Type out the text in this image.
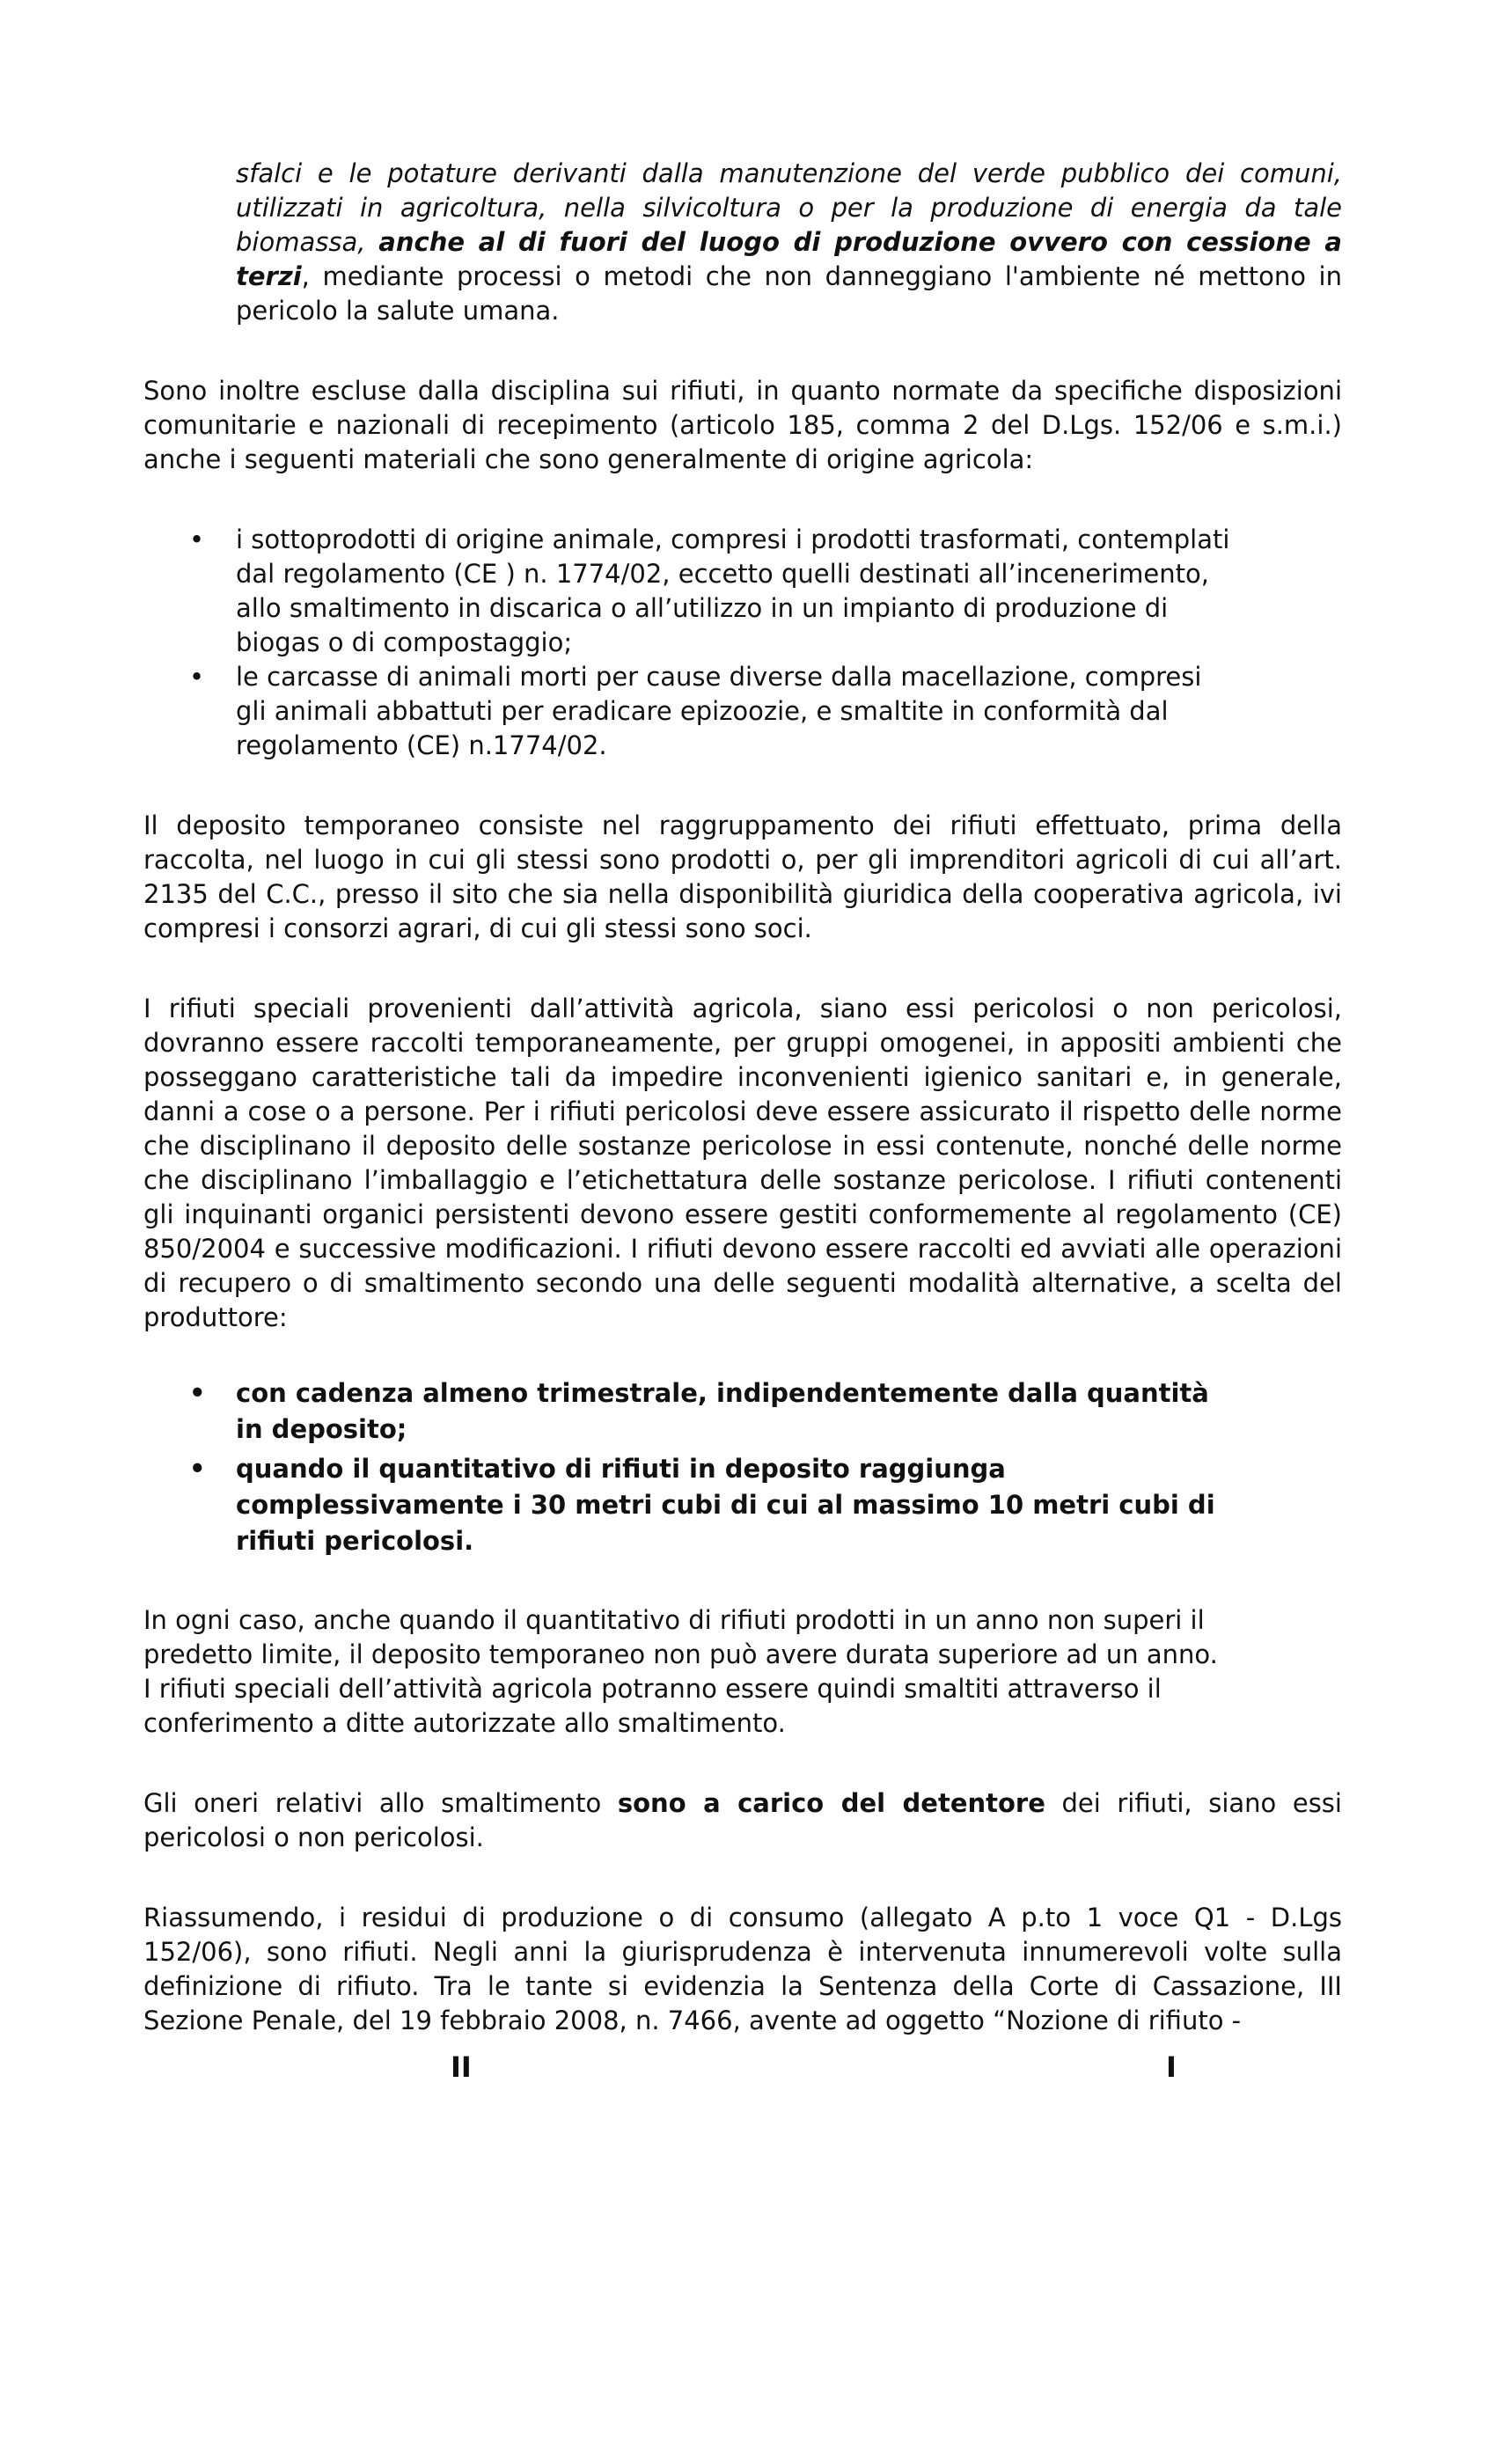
sfalci e le potature derivanti dalla manutenzione del verde pubblico dei comuni, utilizzati in agricoltura, nella silvicoltura o per la produzione di energia da tale biomassa, anche al di fuori del luogo di produzione ovvero con cessione a terzi, mediante processi o metodi che non danneggiano l'ambiente né mettono in pericolo la salute umana.

Sono inoltre escluse dalla disciplina sui rifiuti, in quanto normate da specifiche disposizioni comunitarie e nazionali di recepimento (articolo 185, comma 2 del D.Lgs. 152/06 e s.m.i.) anche i seguenti materiali che sono generalmente di origine agricola:

• i sottoprodotti di origine animale, compresi i prodotti trasformati, contemplati dal regolamento (CE ) n. 1774/02, eccetto quelli destinati all’incenerimento, allo smaltimento in discarica o all’utilizzo in un impianto di produzione di biogas o di compostaggio;
• le carcasse di animali morti per cause diverse dalla macellazione, compresi gli animali abbattuti per eradicare epizoozie, e smaltite in conformità dal regolamento (CE) n.1774/02.

Il deposito temporaneo consiste nel raggruppamento dei rifiuti effettuato, prima della raccolta, nel luogo in cui gli stessi sono prodotti o, per gli imprenditori agricoli di cui all’art. 2135 del C.C., presso il sito che sia nella disponibilità giuridica della cooperativa agricola, ivi compresi i consorzi agrari, di cui gli stessi sono soci.

I rifiuti speciali provenienti dall’attività agricola, siano essi pericolosi o non pericolosi, dovranno essere raccolti temporaneamente, per gruppi omogenei, in appositi ambienti che posseggano caratteristiche tali da impedire inconvenienti igienico sanitari e, in generale, danni a cose o a persone. Per i rifiuti pericolosi deve essere assicurato il rispetto delle norme che disciplinano il deposito delle sostanze pericolose in essi contenute, nonché delle norme che disciplinano l’imballaggio e l’etichettatura delle sostanze pericolose. I rifiuti contenenti gli inquinanti organici persistenti devono essere gestiti conformemente al regolamento (CE) 850/2004 e successive modificazioni. I rifiuti devono essere raccolti ed avviati alle operazioni di recupero o di smaltimento secondo una delle seguenti modalità alternative, a scelta del produttore:

• con cadenza almeno trimestrale, indipendentemente dalla quantità in deposito;
• quando il quantitativo di rifiuti in deposito raggiunga complessivamente i 30 metri cubi di cui al massimo 10 metri cubi di rifiuti pericolosi.

In ogni caso, anche quando il quantitativo di rifiuti prodotti in un anno non superi il predetto limite, il deposito temporaneo non può avere durata superiore ad un anno.
I rifiuti speciali dell’attività agricola potranno essere quindi smaltiti attraverso il conferimento a ditte autorizzate allo smaltimento.

Gli oneri relativi allo smaltimento sono a carico del detentore dei rifiuti, siano essi pericolosi o non pericolosi.

Riassumendo, i residui di produzione o di consumo (allegato A p.to 1 voce Q1 - D.Lgs 152/06), sono rifiuti. Negli anni la giurisprudenza è intervenuta innumerevoli volte sulla definizione di rifiuto. Tra le tante si evidenzia la Sentenza della Corte di Cassazione, III Sezione Penale, del 19 febbraio 2008, n. 7466, avente ad oggetto “Nozione di rifiuto -

II	I
